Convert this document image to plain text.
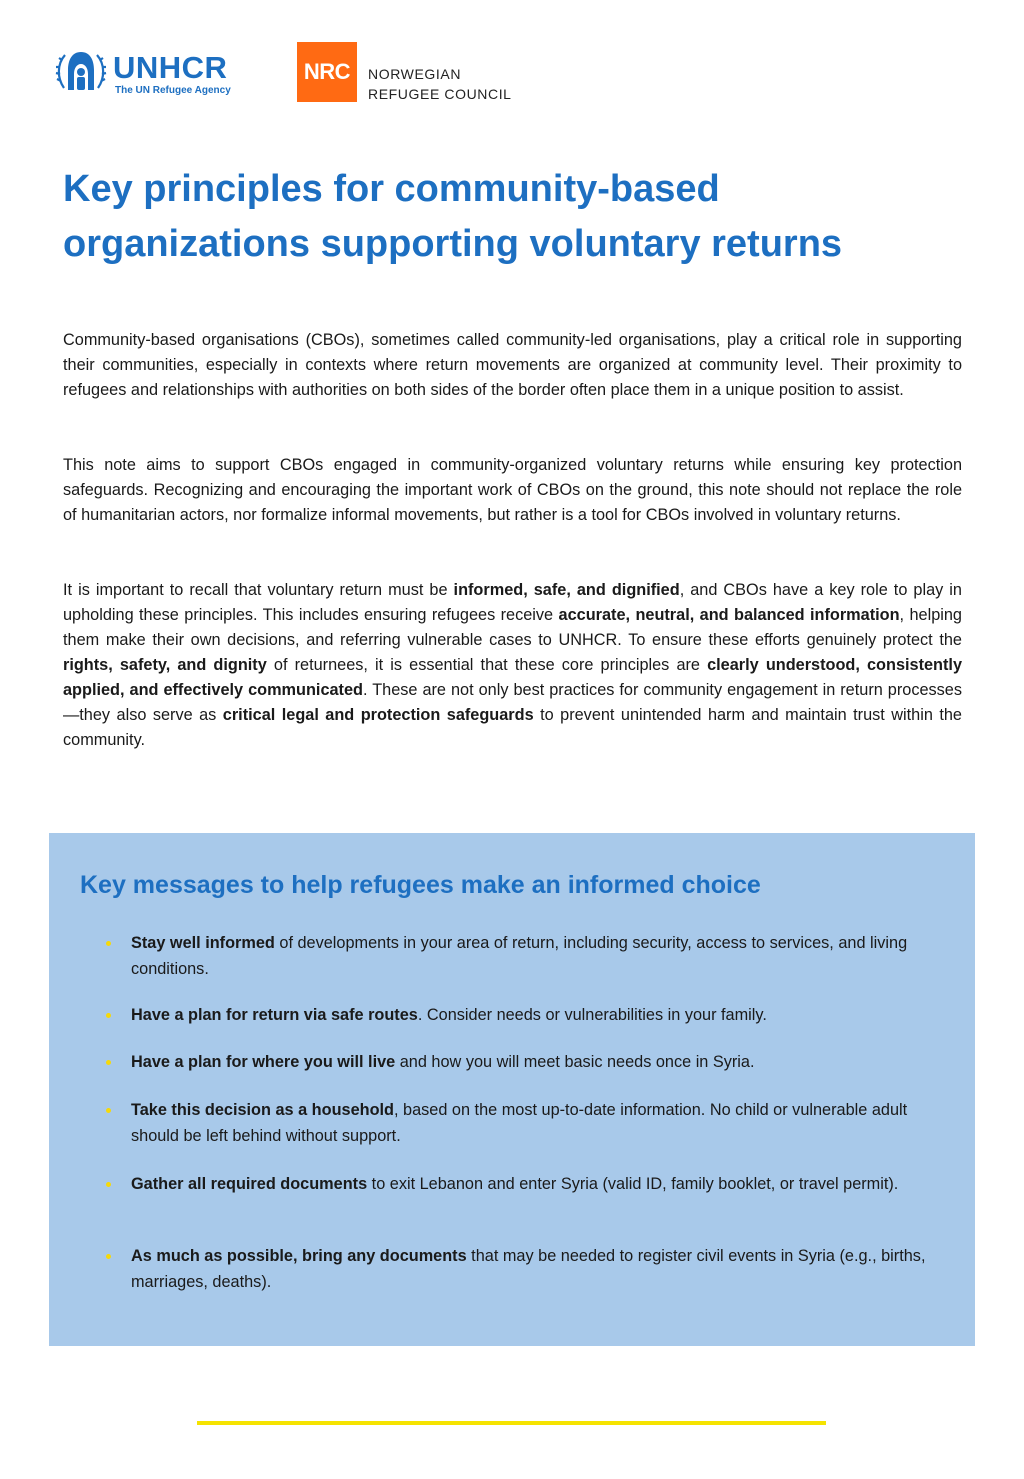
UNHCR
The UN Refugee Agency
NRC	NORWEGIAN
REFUGEE COUNCIL
Key principles for community-based
organizations supporting voluntary returns

Community-based organisations (CBOs), sometimes called community-led organisations, play a critical role in supporting their communities, especially in contexts where return movements are organized at community level. Their proximity to refugees and relationships with authorities on both sides of the border often place them in a unique position to assist.

This note aims to support CBOs engaged in community-organized voluntary returns while ensuring key protection safeguards. Recognizing and encouraging the important work of CBOs on the ground, this note should not replace the role of humanitarian actors, nor formalize informal movements, but rather is a tool for CBOs involved in voluntary returns.

It is important to recall that voluntary return must be informed, safe, and dignified, and CBOs have a key role to play in upholding these principles. This includes ensuring refugees receive accurate, neutral, and balanced information, helping them make their own decisions, and referring vulnerable cases to UNHCR. To ensure these efforts genuinely protect the rights, safety, and dignity of returnees, it is essential that these core principles are clearly understood, consistently applied, and effectively communicated. These are not only best practices for community engagement in return processes—they also serve as critical legal and protection safeguards to prevent unintended harm and maintain trust within the community.

Key messages to help refugees make an informed choice
Stay well informed of developments in your area of return, including security, access to services, and living conditions.
Have a plan for return via safe routes. Consider needs or vulnerabilities in your family.
Have a plan for where you will live and how you will meet basic needs once in Syria.
Take this decision as a household, based on the most up-to-date information. No child or vulnerable adult should be left behind without support.
Gather all required documents to exit Lebanon and enter Syria (valid ID, family booklet, or travel permit).
As much as possible, bring any documents that may be needed to register civil events in Syria (e.g., births, marriages, deaths).
